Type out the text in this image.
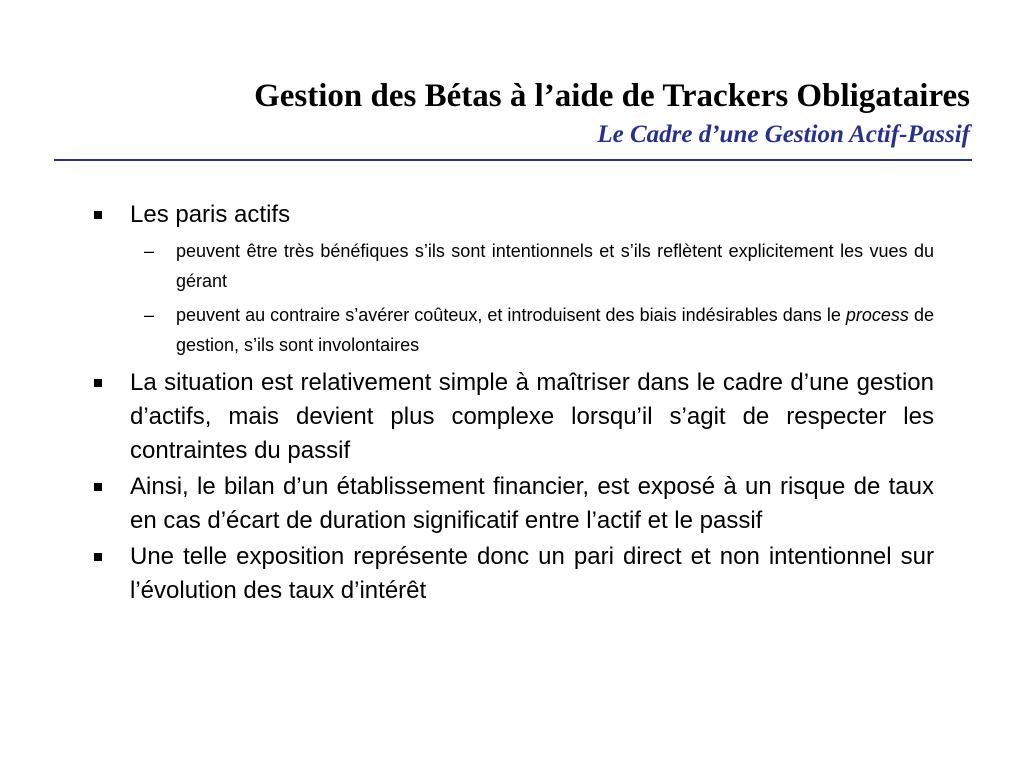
Gestion des Bétas à l’aide de Trackers Obligataires
Le Cadre d’une Gestion Actif-Passif
Les paris actifs
– peuvent être très bénéfiques s’ils sont intentionnels et s’ils reflètent explicitement les vues du gérant
– peuvent au contraire s’avérer coûteux, et introduisent des biais indésirables dans le process de gestion, s’ils sont involontaires
La situation est relativement simple à maîtriser dans le cadre d’une gestion d’actifs, mais devient plus complexe lorsqu’il s’agit de respecter les contraintes du passif
Ainsi, le bilan d’un établissement financier, est exposé à un risque de taux en cas d’écart de duration significatif entre l’actif et le passif
Une telle exposition représente donc un pari direct et non intentionnel sur l’évolution des taux d’intérêt
